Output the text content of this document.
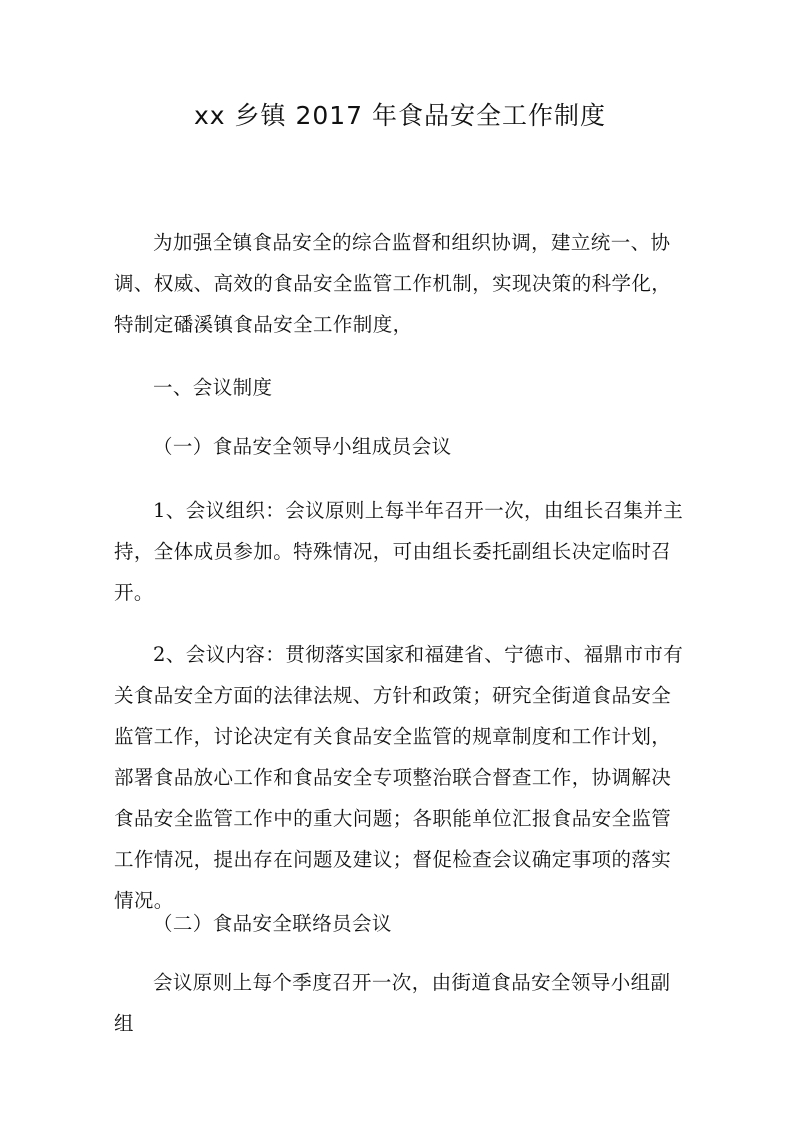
xx 乡镇 2017 年食品安全工作制度

为加强全镇食品安全的综合监督和组织协调，建立统一、协调、权威、高效的食品安全监管工作机制，实现决策的科学化，特制定磻溪镇食品安全工作制度，

一、会议制度

（一）食品安全领导小组成员会议

1、会议组织：会议原则上每半年召开一次，由组长召集并主持，全体成员参加。特殊情况，可由组长委托副组长决定临时召开。

2、会议内容：贯彻落实国家和福建省、宁德市、福鼎市市有关食品安全方面的法律法规、方针和政策；研究全街道食品安全监管工作，讨论决定有关食品安全监管的规章制度和工作计划，部署食品放心工作和食品安全专项整治联合督查工作，协调解决食品安全监管工作中的重大问题；各职能单位汇报食品安全监管工作情况，提出存在问题及建议；督促检查会议确定事项的落实情况。

（二）食品安全联络员会议

会议原则上每个季度召开一次，由街道食品安全领导小组副组
